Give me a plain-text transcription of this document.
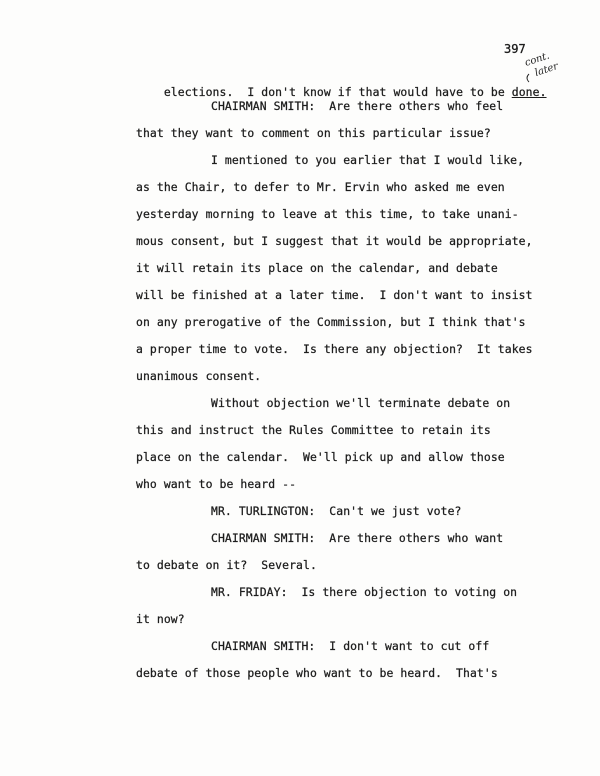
397
cont.
later

elections.  I don't know if that would have to be done.

CHAIRMAN SMITH:  Are there others who feel
that they want to comment on this particular issue?
I mentioned to you earlier that I would like,
as the Chair, to defer to Mr. Ervin who asked me even
yesterday morning to leave at this time, to take unani-
mous consent, but I suggest that it would be appropriate,
it will retain its place on the calendar, and debate
will be finished at a later time.  I don't want to insist
on any prerogative of the Commission, but I think that's
a proper time to vote.  Is there any objection?  It takes
unanimous consent.
Without objection we'll terminate debate on
this and instruct the Rules Committee to retain its
place on the calendar.  We'll pick up and allow those
who want to be heard --
MR. TURLINGTON:  Can't we just vote?
CHAIRMAN SMITH:  Are there others who want
to debate on it?  Several.
MR. FRIDAY:  Is there objection to voting on
it now?
CHAIRMAN SMITH:  I don't want to cut off
debate of those people who want to be heard.  That's
